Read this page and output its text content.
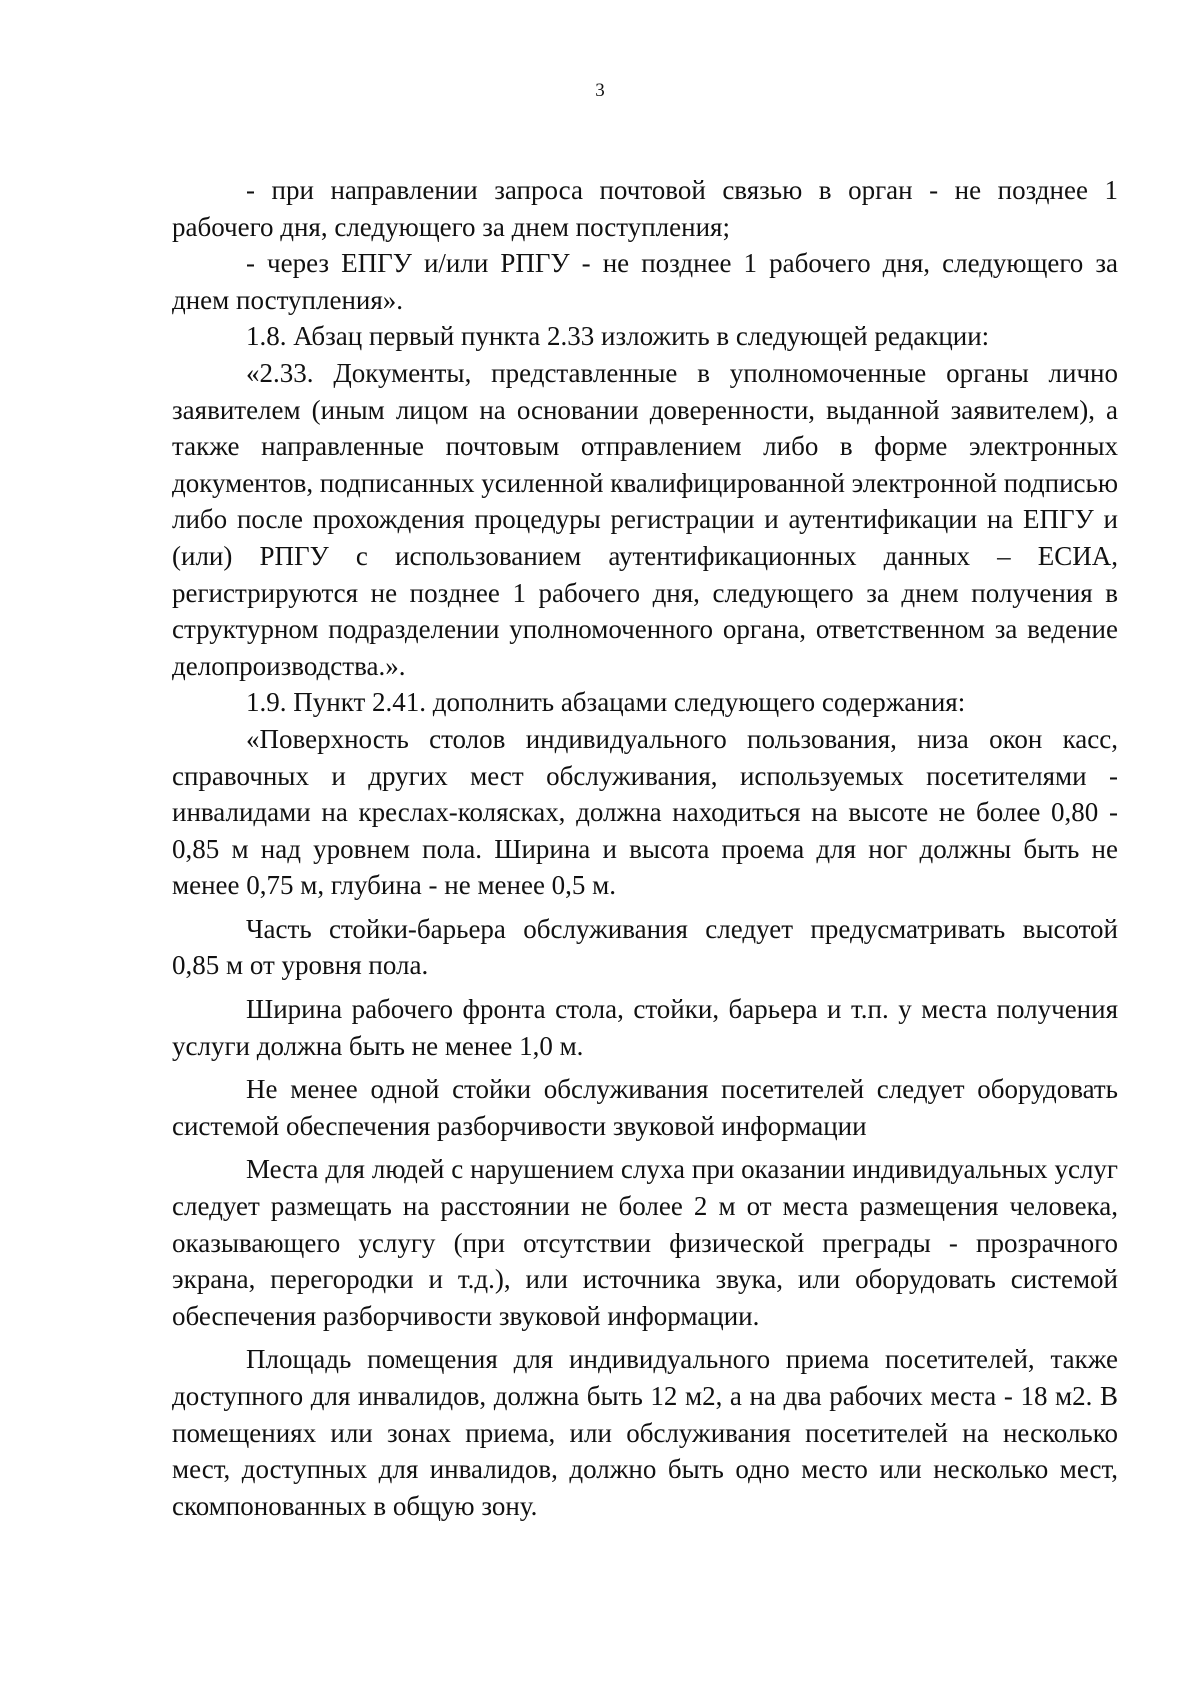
3

- при направлении запроса почтовой связью в орган - не позднее 1 рабочего дня, следующего за днем поступления;

- через ЕПГУ и/или РПГУ - не позднее 1 рабочего дня, следующего за днем поступления».

1.8. Абзац первый пункта 2.33 изложить в следующей редакции:

«2.33. Документы, представленные в уполномоченные органы лично заявителем (иным лицом на основании доверенности, выданной заявителем), а также направленные почтовым отправлением либо в форме электронных документов, подписанных усиленной квалифицированной электронной подписью либо после прохождения процедуры регистрации и аутентификации на ЕПГУ и (или) РПГУ с использованием аутентификационных данных – ЕСИА, регистрируются не позднее 1 рабочего дня, следующего за днем получения в структурном подразделении уполномоченного органа, ответственном за ведение делопроизводства.».

1.9. Пункт 2.41. дополнить абзацами следующего содержания:

«Поверхность столов индивидуального пользования, низа окон касс, справочных и других мест обслуживания, используемых посетителями - инвалидами на креслах-колясках, должна находиться на высоте не более 0,80 - 0,85 м над уровнем пола. Ширина и высота проема для ног должны быть не менее 0,75 м, глубина - не менее 0,5 м.

Часть стойки-барьера обслуживания следует предусматривать высотой 0,85 м от уровня пола.

Ширина рабочего фронта стола, стойки, барьера и т.п. у места получения услуги должна быть не менее 1,0 м.

Не менее одной стойки обслуживания посетителей следует оборудовать системой обеспечения разборчивости звуковой информации

Места для людей с нарушением слуха при оказании индивидуальных услуг следует размещать на расстоянии не более 2 м от места размещения человека, оказывающего услугу (при отсутствии физической преграды - прозрачного экрана, перегородки и т.д.), или источника звука, или оборудовать системой обеспечения разборчивости звуковой информации.

Площадь помещения для индивидуального приема посетителей, также доступного для инвалидов, должна быть 12 м2, а на два рабочих места - 18 м2. В помещениях или зонах приема, или обслуживания посетителей на несколько мест, доступных для инвалидов, должно быть одно место или несколько мест, скомпонованных в общую зону.
